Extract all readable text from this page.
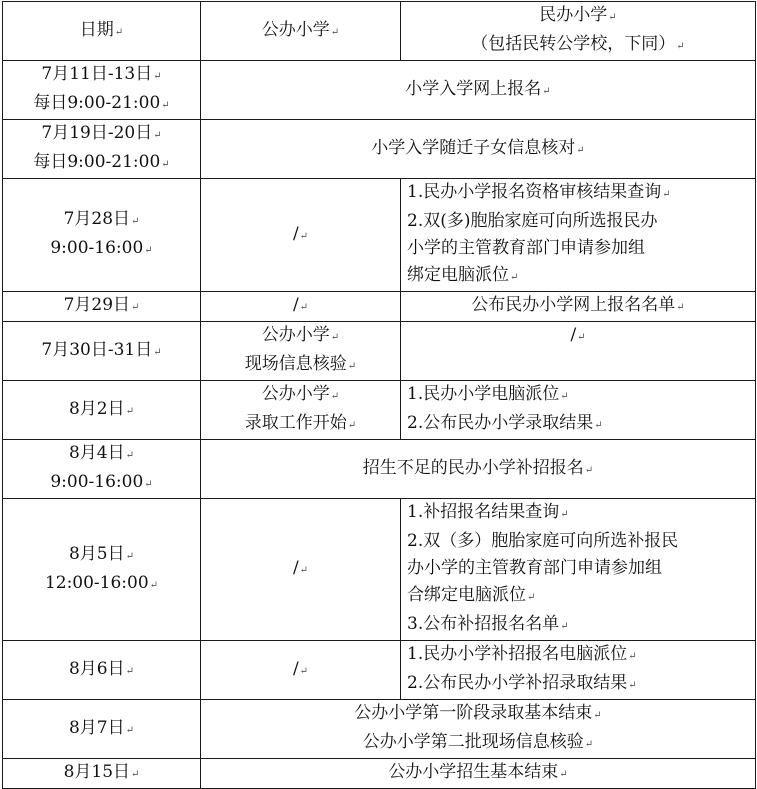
日期↵	公办小学↵	民办小学↵
（包括民转公学校，下同）↵

7月11日-13日↵
每日9:00-21:00↵	小学入学网上报名↵	

7月19日-20日↵
每日9:00-21:00↵	小学入学随迁子女信息核对↵	

7月28日↵
9:00-16:00↵	/↵	1.民办小学报名资格审核结果查询↵
2.双(多)胞胎家庭可向所选报民办
小学的主管教育部门申请参加组
绑定电脑派位↵

7月29日↵	/↵	公布民办小学网上报名名单↵
7月30日-31日↵	公办小学↵
现场信息核验↵	/↵
8月2日↵	公办小学↵
录取工作开始↵	1.民办小学电脑派位↵
2.公布民办小学录取结果↵

8月4日↵
9:00-16:00↵	招生不足的民办小学补招报名↵	

8月5日↵
12:00-16:00↵	/↵	1.补招报名结果查询↵
2.双（多）胞胎家庭可向所选补报民
办小学的主管教育部门申请参加组
合绑定电脑派位↵
3.公布补招报名名单↵

8月6日↵	/↵	1.民办小学补招报名电脑派位↵
2.公布民办小学补招录取结果↵

8月7日↵	公办小学第一阶段录取基本结束↵
公办小学第二批现场信息核验↵	

8月15日↵	公办小学招生基本结束↵	
